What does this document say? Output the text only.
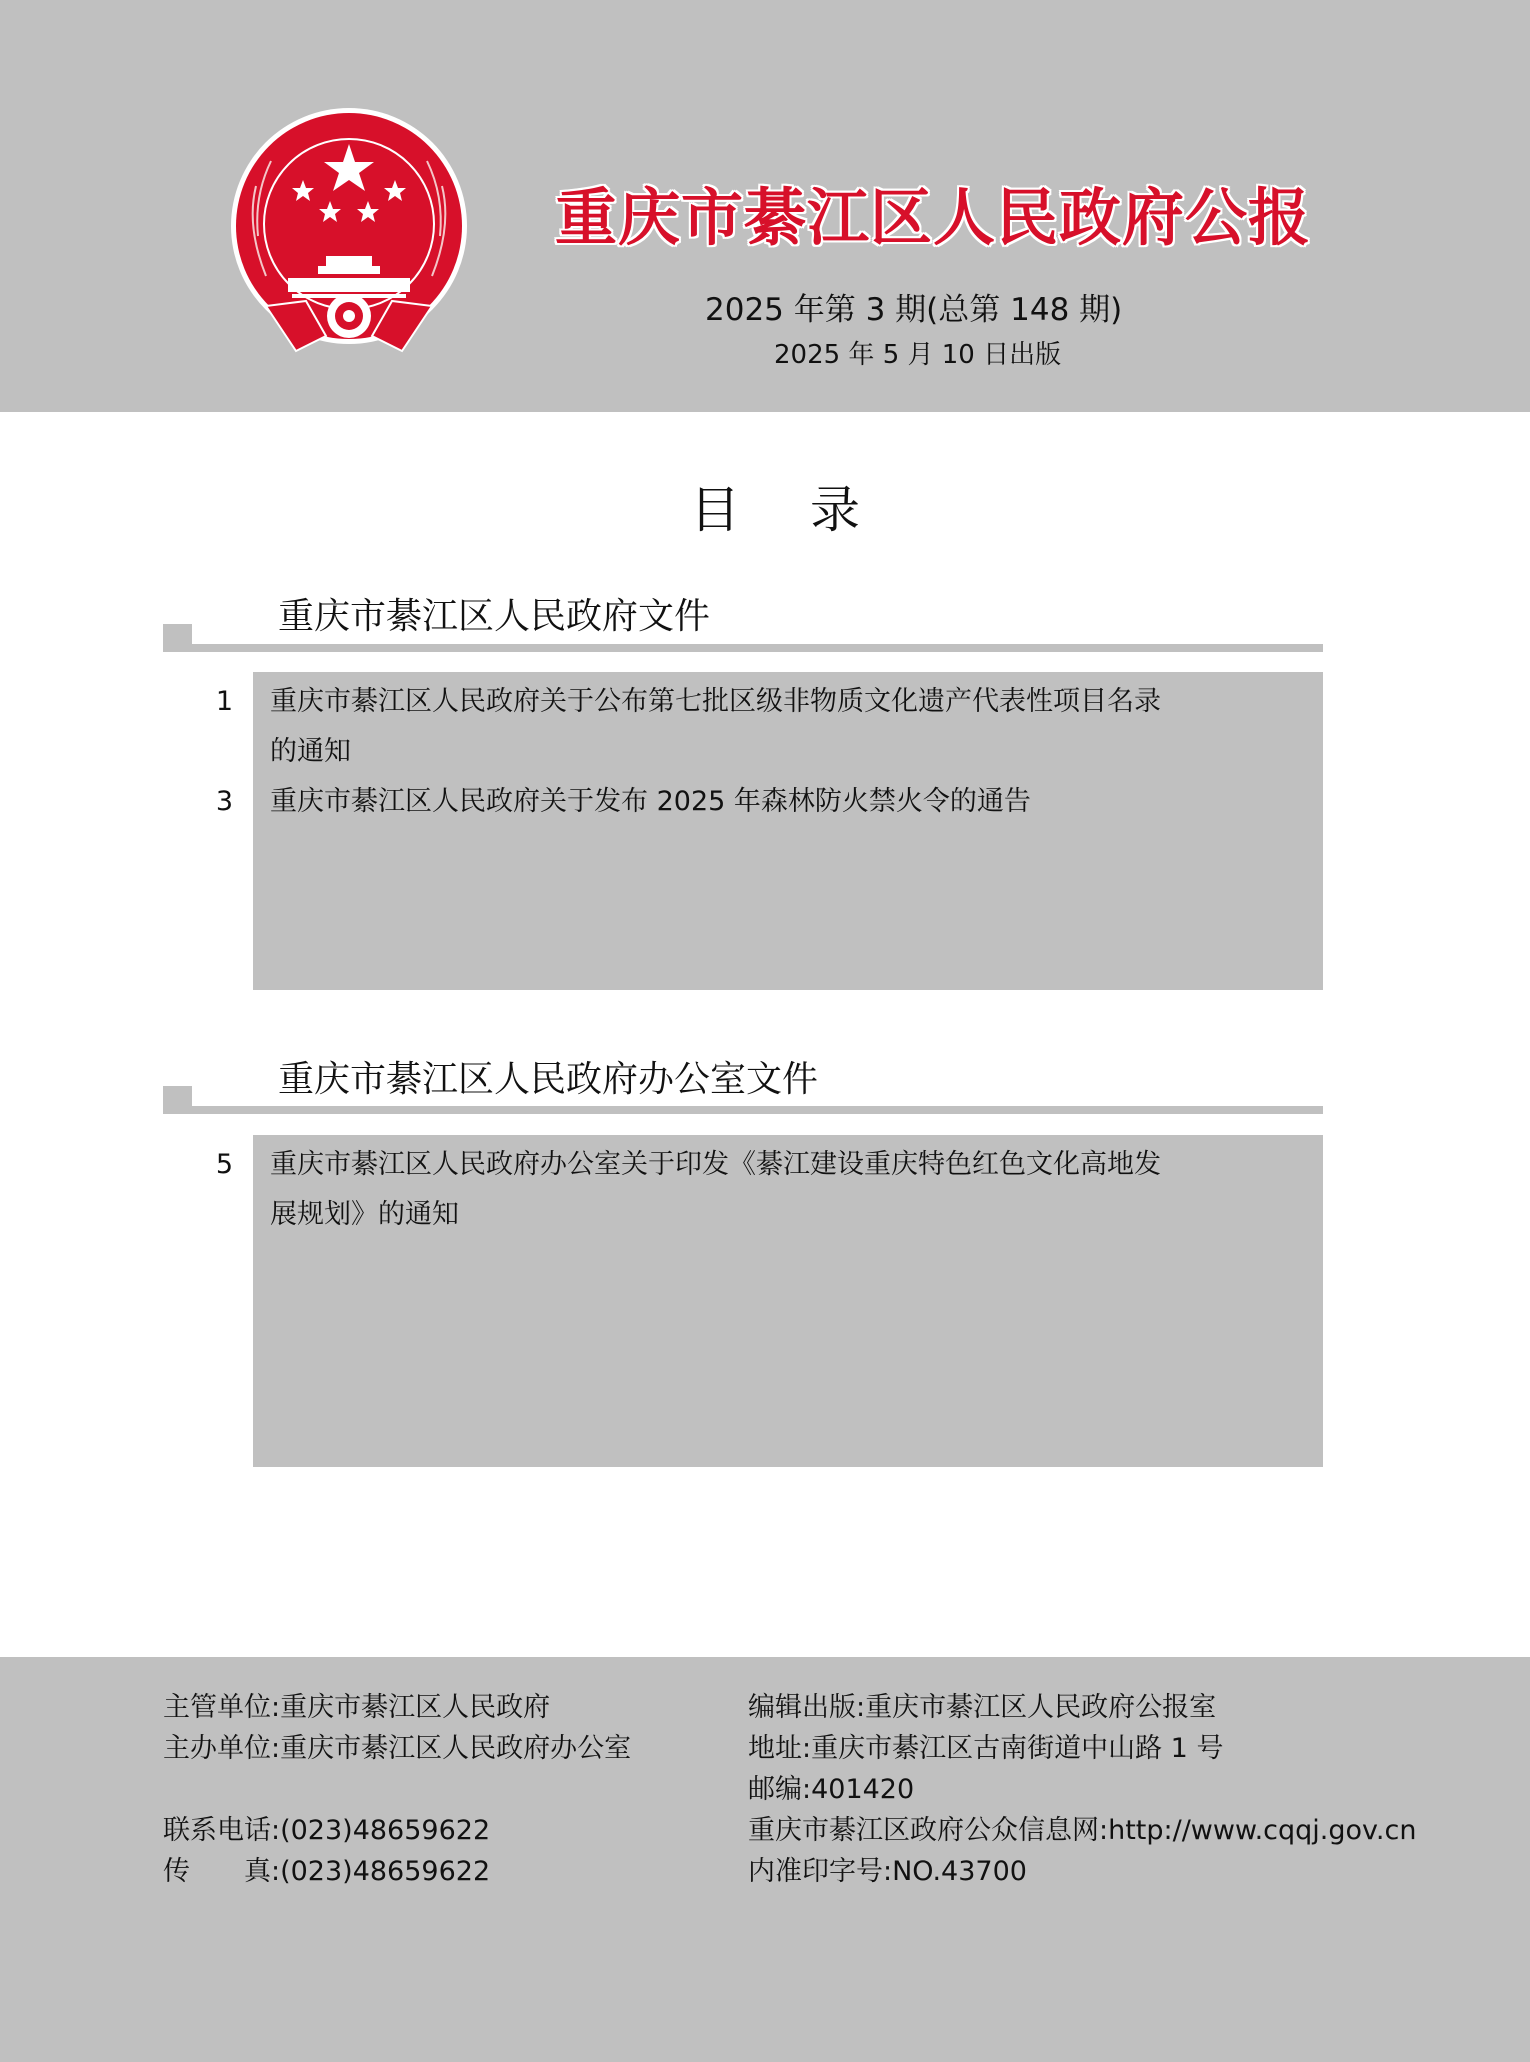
重庆市綦江区人民政府公报
2025 年第 3 期(总第 148 期)
2025 年 5 月 10 日出版
目 录
重庆市綦江区人民政府文件
1	重庆市綦江区人民政府关于公布第七批区级非物质文化遗产代表性项目名录
的通知
3	重庆市綦江区人民政府关于发布 2025 年森林防火禁火令的通告
重庆市綦江区人民政府办公室文件
5	重庆市綦江区人民政府办公室关于印发《綦江建设重庆特色红色文化高地发
展规划》的通知
主管单位:重庆市綦江区人民政府
主办单位:重庆市綦江区人民政府办公室
联系电话:(023)48659622
传　　真:(023)48659622
编辑出版:重庆市綦江区人民政府公报室
地址:重庆市綦江区古南街道中山路 1 号
邮编:401420
重庆市綦江区政府公众信息网:http://www.cqqj.gov.cn
内准印字号:NO.43700
